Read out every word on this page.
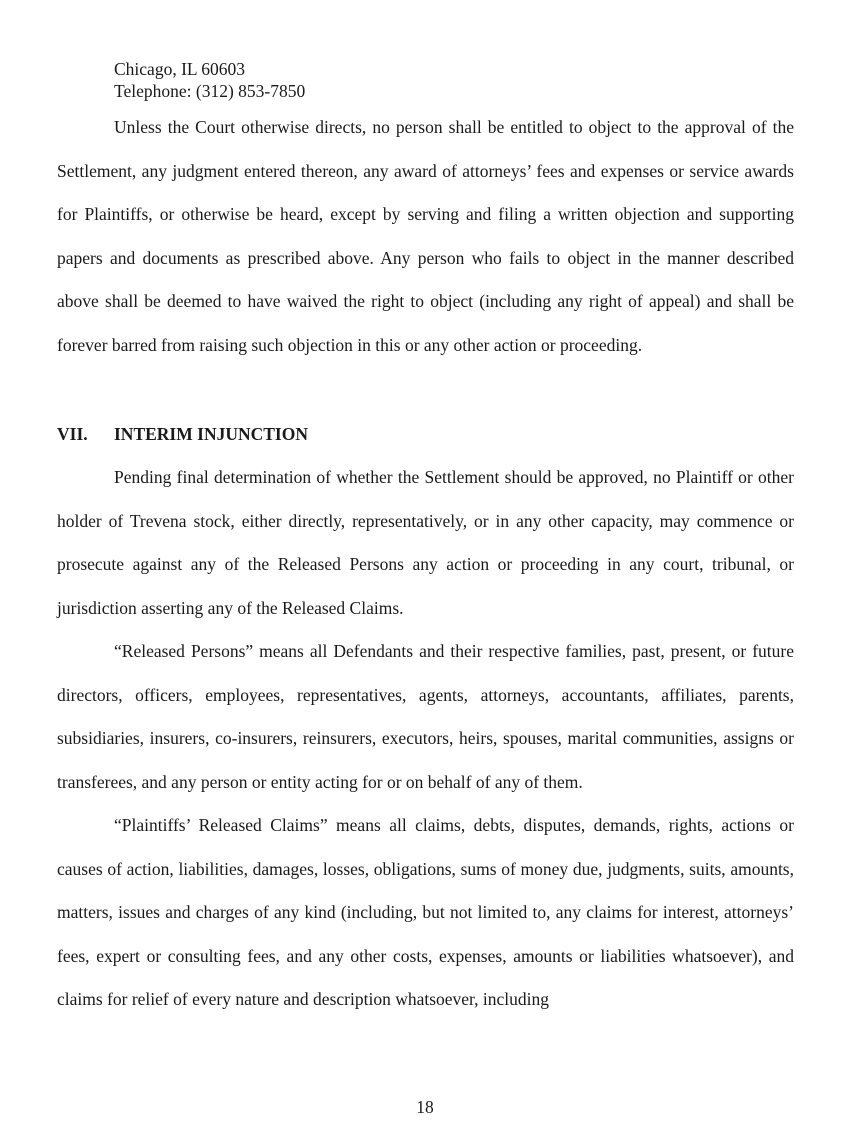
Chicago, IL 60603
Telephone: (312) 853-7850

Unless the Court otherwise directs, no person shall be entitled to object to the approval of the Settlement, any judgment entered thereon, any award of attorneys’ fees and expenses or service awards for Plaintiffs, or otherwise be heard, except by serving and filing a written objection and supporting papers and documents as prescribed above. Any person who fails to object in the manner described above shall be deemed to have waived the right to object (including any right of appeal) and shall be forever barred from raising such objection in this or any other action or proceeding.

VII. INTERIM INJUNCTION

Pending final determination of whether the Settlement should be approved, no Plaintiff or other holder of Trevena stock, either directly, representatively, or in any other capacity, may commence or prosecute against any of the Released Persons any action or proceeding in any court, tribunal, or jurisdiction asserting any of the Released Claims.

“Released Persons” means all Defendants and their respective families, past, present, or future directors, officers, employees, representatives, agents, attorneys, accountants, affiliates, parents, subsidiaries, insurers, co-insurers, reinsurers, executors, heirs, spouses, marital communities, assigns or transferees, and any person or entity acting for or on behalf of any of them.

“Plaintiffs’ Released Claims” means all claims, debts, disputes, demands, rights, actions or causes of action, liabilities, damages, losses, obligations, sums of money due, judgments, suits, amounts, matters, issues and charges of any kind (including, but not limited to, any claims for interest, attorneys’ fees, expert or consulting fees, and any other costs, expenses, amounts or liabilities whatsoever), and claims for relief of every nature and description whatsoever, including

18
